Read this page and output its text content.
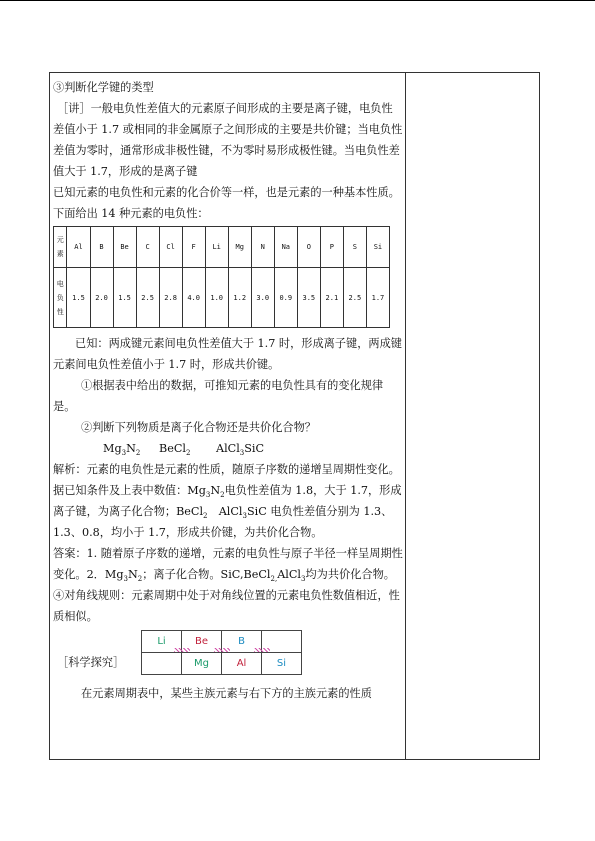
③判断化学键的类型

［讲］一般电负性差值大的元素原子间形成的主要是离子键，电负性差值小于 1.7 或相同的非金属原子之间形成的主要是共价键；当电负性差值为零时，通常形成非极性键，不为零时易形成极性键。当电负性差值大于 1.7，形成的是离子键

已知元素的电负性和元素的化合价等一样，也是元素的一种基本性质。下面给出 14 种元素的电负性：

元
素	Al	B	Be	C	Cl	F	Li	Mg	N	Na	O	P	S	Si
电
负
性	1.5	2.0	1.5	2.5	2.8	4.0	1.0	1.2	3.0	0.9	3.5	2.1	2.5	1.7

已知：两成键元素间电负性差值大于 1.7 时，形成离子键，两成键元素间电负性差值小于 1.7 时，形成共价键。

①根据表中给出的数据，可推知元素的电负性具有的变化规律是。

②判断下列物质是离子化合物还是共价化合物？

$Mg_3N_2$ BeCl$_2$ AlCl$_3$SiC

解析：元素的电负性是元素的性质，随原子序数的递增呈周期性变化。据已知条件及上表中数值：$Mg_3N_2$电负性差值为 1.8，大于 1.7，形成离子键，为离子化合物；BeCl$_2$　AlCl$_3$SiC 电负性差值分别为 1.3、1.3、0.8，均小于 1.7，形成共价键，为共价化合物。

答案：1. 随着原子序数的递增，元素的电负性与原子半径一样呈周期性变化。2．$Mg_3N_2$；离子化合物。SiC,BeCl$_{2,}$AlCl$_3$均为共价化合物。

④对角线规则：元素周期中处于对角线位置的元素电负性数值相近，性质相似。

［科学探究］
Li	Be	B	
	Mg	Al	Si

在元素周期表中，某些主族元素与右下方的主族元素的性质
